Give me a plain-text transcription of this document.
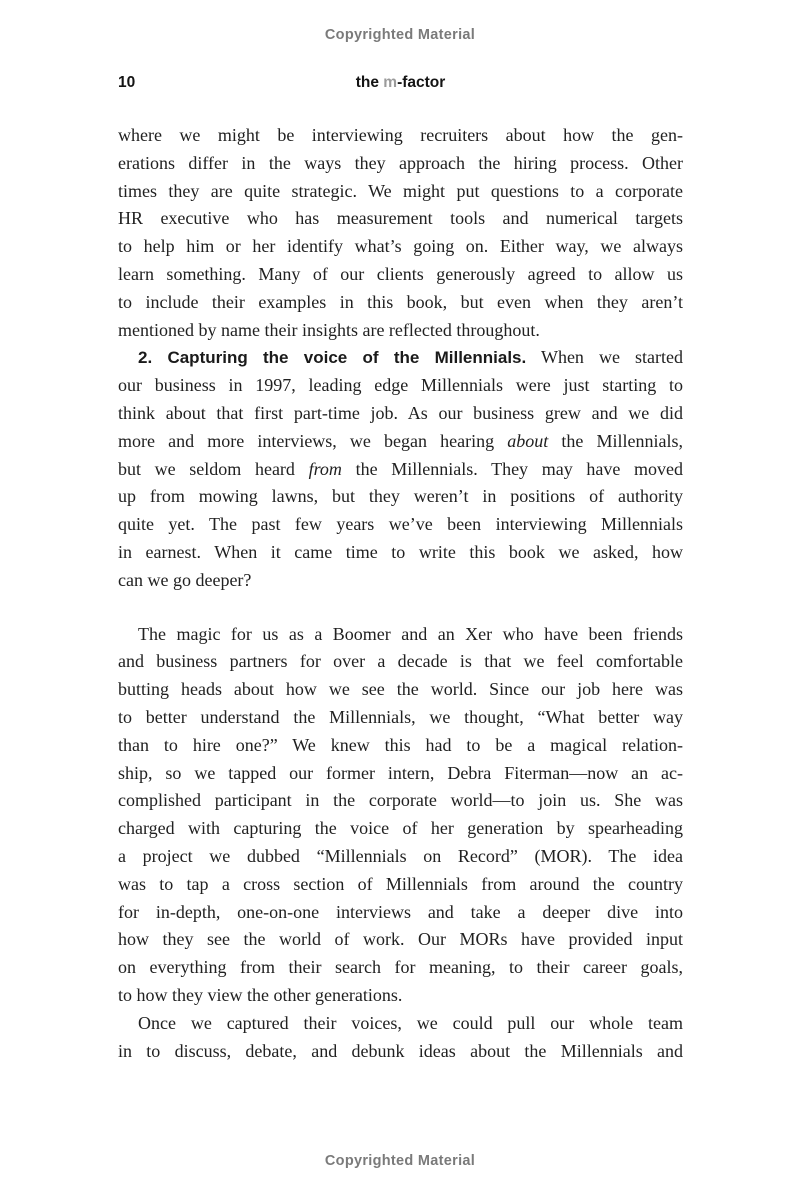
Copyrighted Material
10	the m-factor
where we might be interviewing recruiters about how the gen-
erations differ in the ways they approach the hiring process. Other
times they are quite strategic. We might put questions to a corporate
HR executive who has measurement tools and numerical targets
to help him or her identify what’s going on. Either way, we always
learn something. Many of our clients generously agreed to allow us
to include their examples in this book, but even when they aren’t
mentioned by name their insights are reflected throughout.
2. Capturing the voice of the Millennials. When we started
our business in 1997, leading edge Millennials were just starting to
think about that first part-time job. As our business grew and we did
more and more interviews, we began hearing about the Millennials,
but we seldom heard from the Millennials. They may have moved
up from mowing lawns, but they weren’t in positions of authority
quite yet. The past few years we’ve been interviewing Millennials
in earnest. When it came time to write this book we asked, how
can we go deeper?
The magic for us as a Boomer and an Xer who have been friends
and business partners for over a decade is that we feel comfortable
butting heads about how we see the world. Since our job here was
to better understand the Millennials, we thought, “What better way
than to hire one?” We knew this had to be a magical relation-
ship, so we tapped our former intern, Debra Fiterman—now an ac-
complished participant in the corporate world—to join us. She was
charged with capturing the voice of her generation by spearheading
a project we dubbed “Millennials on Record” (MOR). The idea
was to tap a cross section of Millennials from around the country
for in-depth, one-on-one interviews and take a deeper dive into
how they see the world of work. Our MORs have provided input
on everything from their search for meaning, to their career goals,
to how they view the other generations.
Once we captured their voices, we could pull our whole team
in to discuss, debate, and debunk ideas about the Millennials and
Copyrighted Material
